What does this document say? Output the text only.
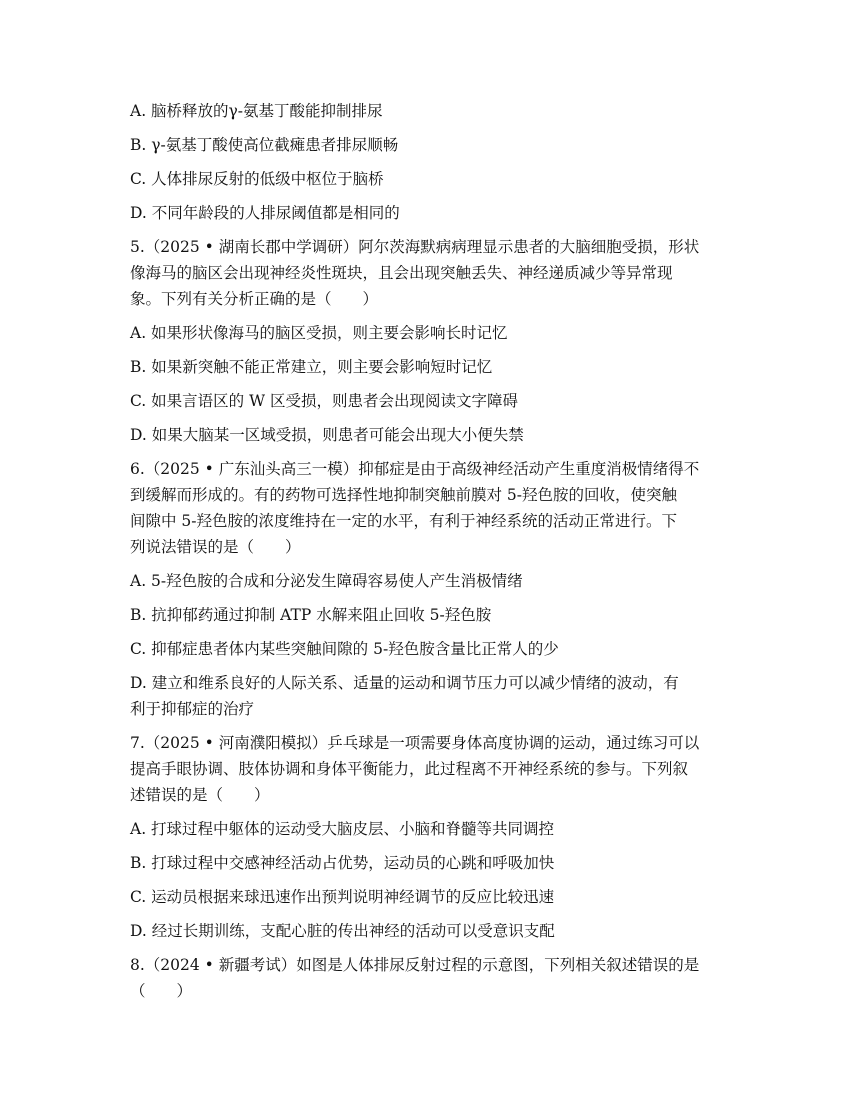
A. 脑桥释放的γ-氨基丁酸能抑制排尿

B. γ-氨基丁酸使高位截瘫患者排尿顺畅

C. 人体排尿反射的低级中枢位于脑桥

D. 不同年龄段的人排尿阈值都是相同的

5.（2025 • 湖南长郡中学调研）阿尔茨海默病病理显示患者的大脑细胞受损，形状

像海马的脑区会出现神经炎性斑块，且会出现突触丢失、神经递质减少等异常现

象。下列有关分析正确的是（　　）

A. 如果形状像海马的脑区受损，则主要会影响长时记忆

B. 如果新突触不能正常建立，则主要会影响短时记忆

C. 如果言语区的 W 区受损，则患者会出现阅读文字障碍

D. 如果大脑某一区域受损，则患者可能会出现大小便失禁

6.（2025 • 广东汕头高三一模）抑郁症是由于高级神经活动产生重度消极情绪得不

到缓解而形成的。有的药物可选择性地抑制突触前膜对 5-羟色胺的回收，使突触

间隙中 5-羟色胺的浓度维持在一定的水平，有利于神经系统的活动正常进行。下

列说法错误的是（　　）

A. 5-羟色胺的合成和分泌发生障碍容易使人产生消极情绪

B. 抗抑郁药通过抑制 ATP 水解来阻止回收 5-羟色胺

C. 抑郁症患者体内某些突触间隙的 5-羟色胺含量比正常人的少

D. 建立和维系良好的人际关系、适量的运动和调节压力可以减少情绪的波动，有

利于抑郁症的治疗

7.（2025 • 河南濮阳模拟）乒乓球是一项需要身体高度协调的运动，通过练习可以

提高手眼协调、肢体协调和身体平衡能力，此过程离不开神经系统的参与。下列叙

述错误的是（　　）

A. 打球过程中躯体的运动受大脑皮层、小脑和脊髓等共同调控

B. 打球过程中交感神经活动占优势，运动员的心跳和呼吸加快

C. 运动员根据来球迅速作出预判说明神经调节的反应比较迅速

D. 经过长期训练，支配心脏的传出神经的活动可以受意识支配

8.（2024 • 新疆考试）如图是人体排尿反射过程的示意图，下列相关叙述错误的是

（　　）
